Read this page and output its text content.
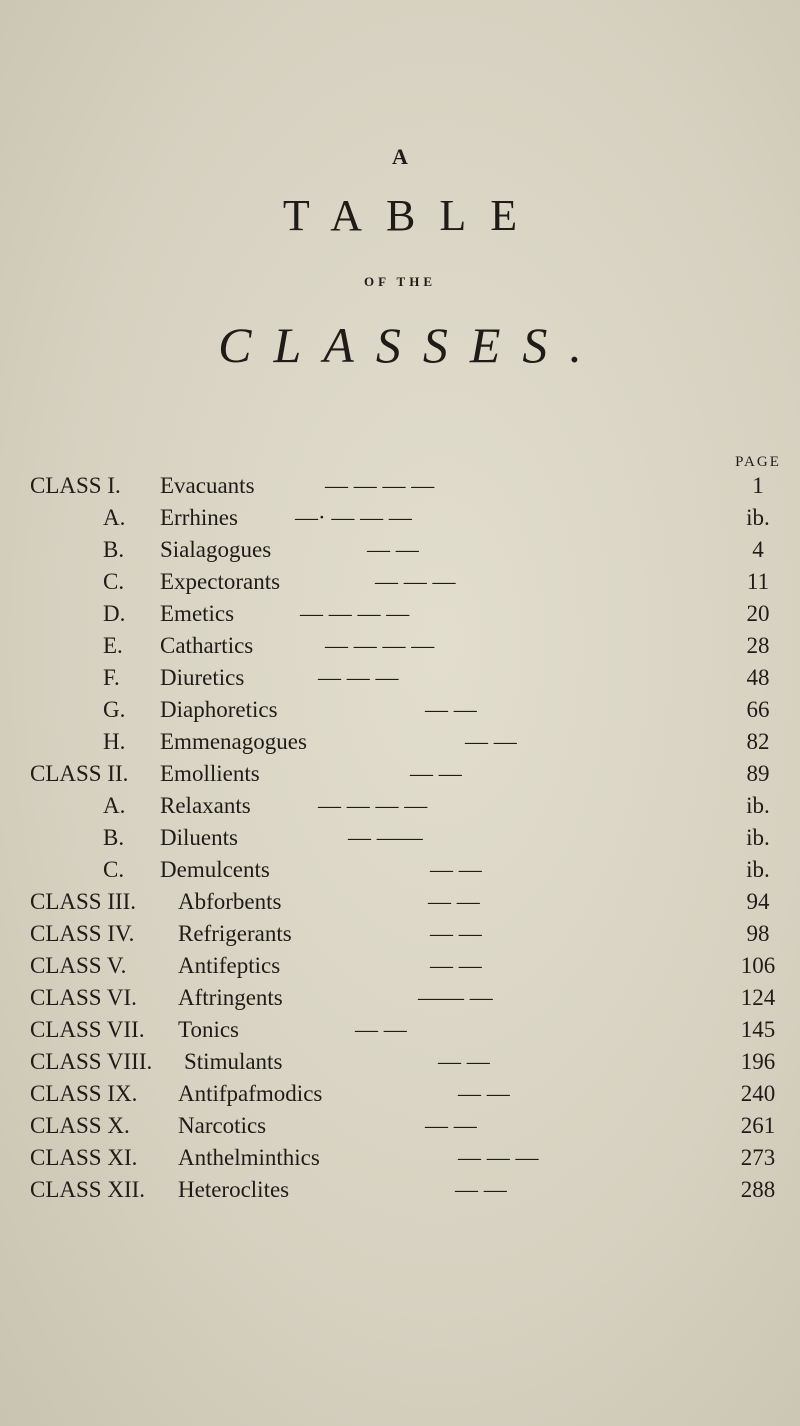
A
TABLE
OF THE
CLASSES.
PAGE
CLASS I. Evacuants	— — — —	1
A. Errhines —· — — —	ib.
B. Sialagogues	— —	4
C. Expectorants	— — —	11
D. Emetics	— — — —	20
E. Cathartics	— — — —	28
F. Diuretics	— — —	48
G. Diaphoretics	— —	66
H. Emmenagogues	— —	82
CLASS II. Emollients	— —	89
A. Relaxants	— — — —	ib.
B. Diluents	— ——	ib.
C. Demulcents	— —	ib.
CLASS III. Abforbents	— —	94
CLASS IV. Refrigerants	— —	98
CLASS V. Antifeptics	— —	106
CLASS VI. Aftringents	—— —	124
CLASS VII. Tonics	— —	145
CLASS VIII. Stimulants	— —	196
CLASS IX. Antifpafmodics	— —	240
CLASS X. Narcotics	— —	261
CLASS XI. Anthelminthics	— — —	273
CLASS XII. Heteroclites	— —	288
